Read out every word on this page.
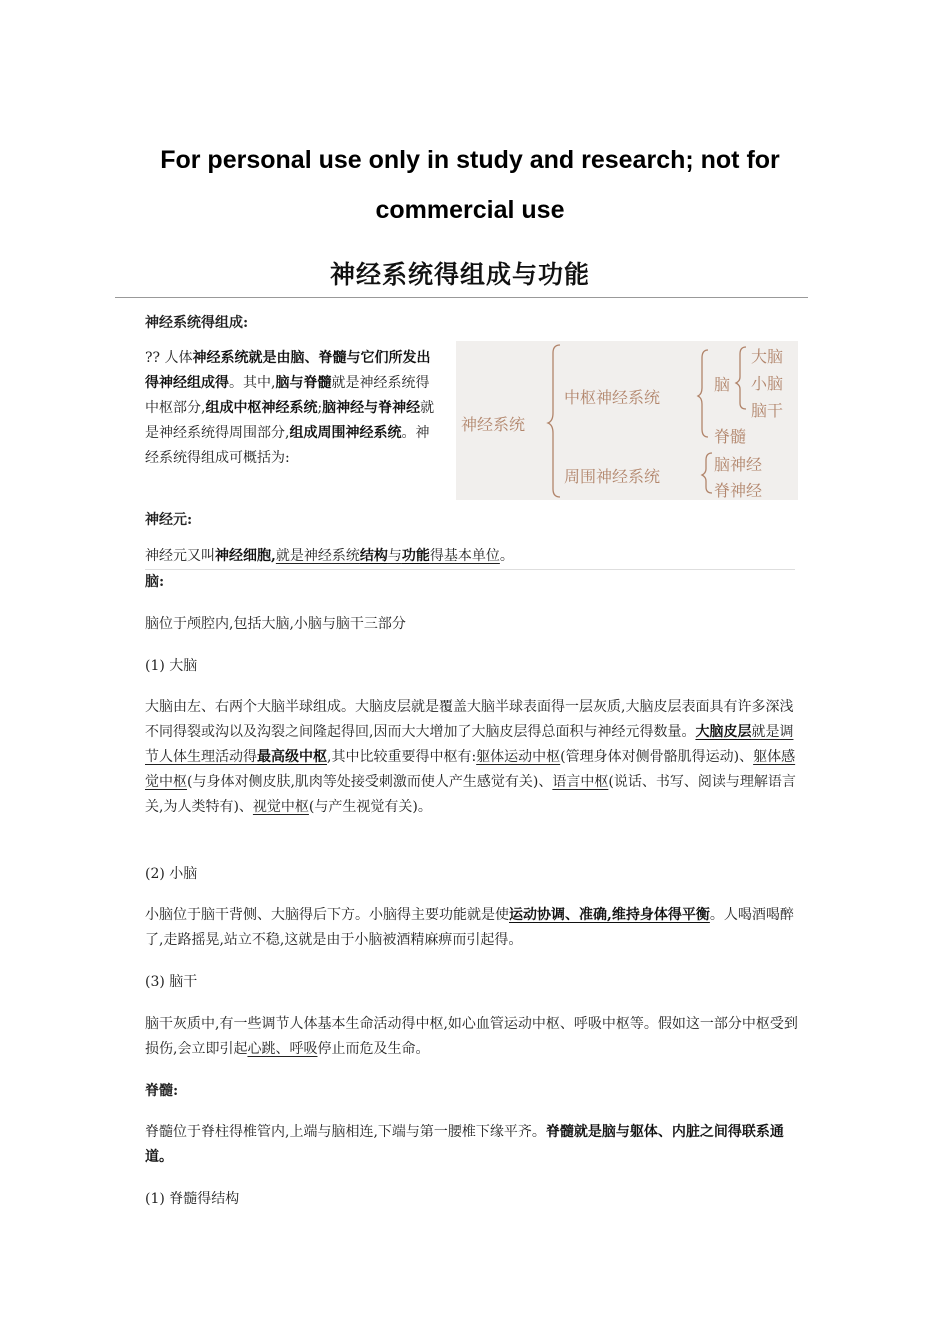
For personal use only in study and research; not for
commercial use
神经系统得组成与功能
神经系统得组成:
?? 人体神经系统就是由脑、脊髓与它们所发出得神经组成得。其中,脑与脊髓就是神经系统得中枢部分,组成中枢神经系统;脑神经与脊神经就是神经系统得周围部分,组成周围神经系统。神经系统得组成可概括为:
神经系统
中枢神经系统
脑
大脑
小脑
脑干
脊髓
周围神经系统
脑神经
脊神经
神经元:
神经元又叫神经细胞,就是神经系统结构与功能得基本单位。
脑:
脑位于颅腔内,包括大脑,小脑与脑干三部分
(1) 大脑
大脑由左、右两个大脑半球组成。大脑皮层就是覆盖大脑半球表面得一层灰质,大脑皮层表面具有许多深浅不同得裂或沟以及沟裂之间隆起得回,因而大大增加了大脑皮层得总面积与神经元得数量。大脑皮层就是调节人体生理活动得最高级中枢,其中比较重要得中枢有:躯体运动中枢(管理身体对侧骨骼肌得运动)、躯体感觉中枢(与身体对侧皮肤,肌肉等处接受刺激而使人产生感觉有关)、语言中枢(说话、书写、阅读与理解语言关,为人类特有)、视觉中枢(与产生视觉有关)。
(2) 小脑
小脑位于脑干背侧、大脑得后下方。小脑得主要功能就是使运动协调、准确,维持身体得平衡。人喝酒喝醉了,走路摇晃,站立不稳,这就是由于小脑被酒精麻痹而引起得。
(3) 脑干
脑干灰质中,有一些调节人体基本生命活动得中枢,如心血管运动中枢、呼吸中枢等。假如这一部分中枢受到损伤,会立即引起心跳、呼吸停止而危及生命。
脊髓:
脊髓位于脊柱得椎管内,上端与脑相连,下端与第一腰椎下缘平齐。脊髓就是脑与躯体、内脏之间得联系通道。
(1) 脊髓得结构
